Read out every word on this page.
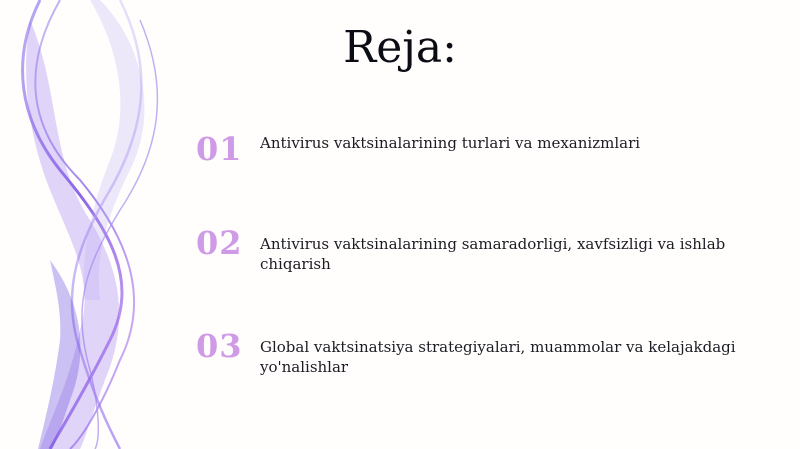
Reja:
01	Antivirus vaktsinalarining turlari va mexanizmlari
02	Antivirus vaktsinalarining samaradorligi, xavfsizligi va ishlab chiqarish
03	Global vaktsinatsiya strategiyalari, muammolar va kelajakdagi yo'nalishlar
